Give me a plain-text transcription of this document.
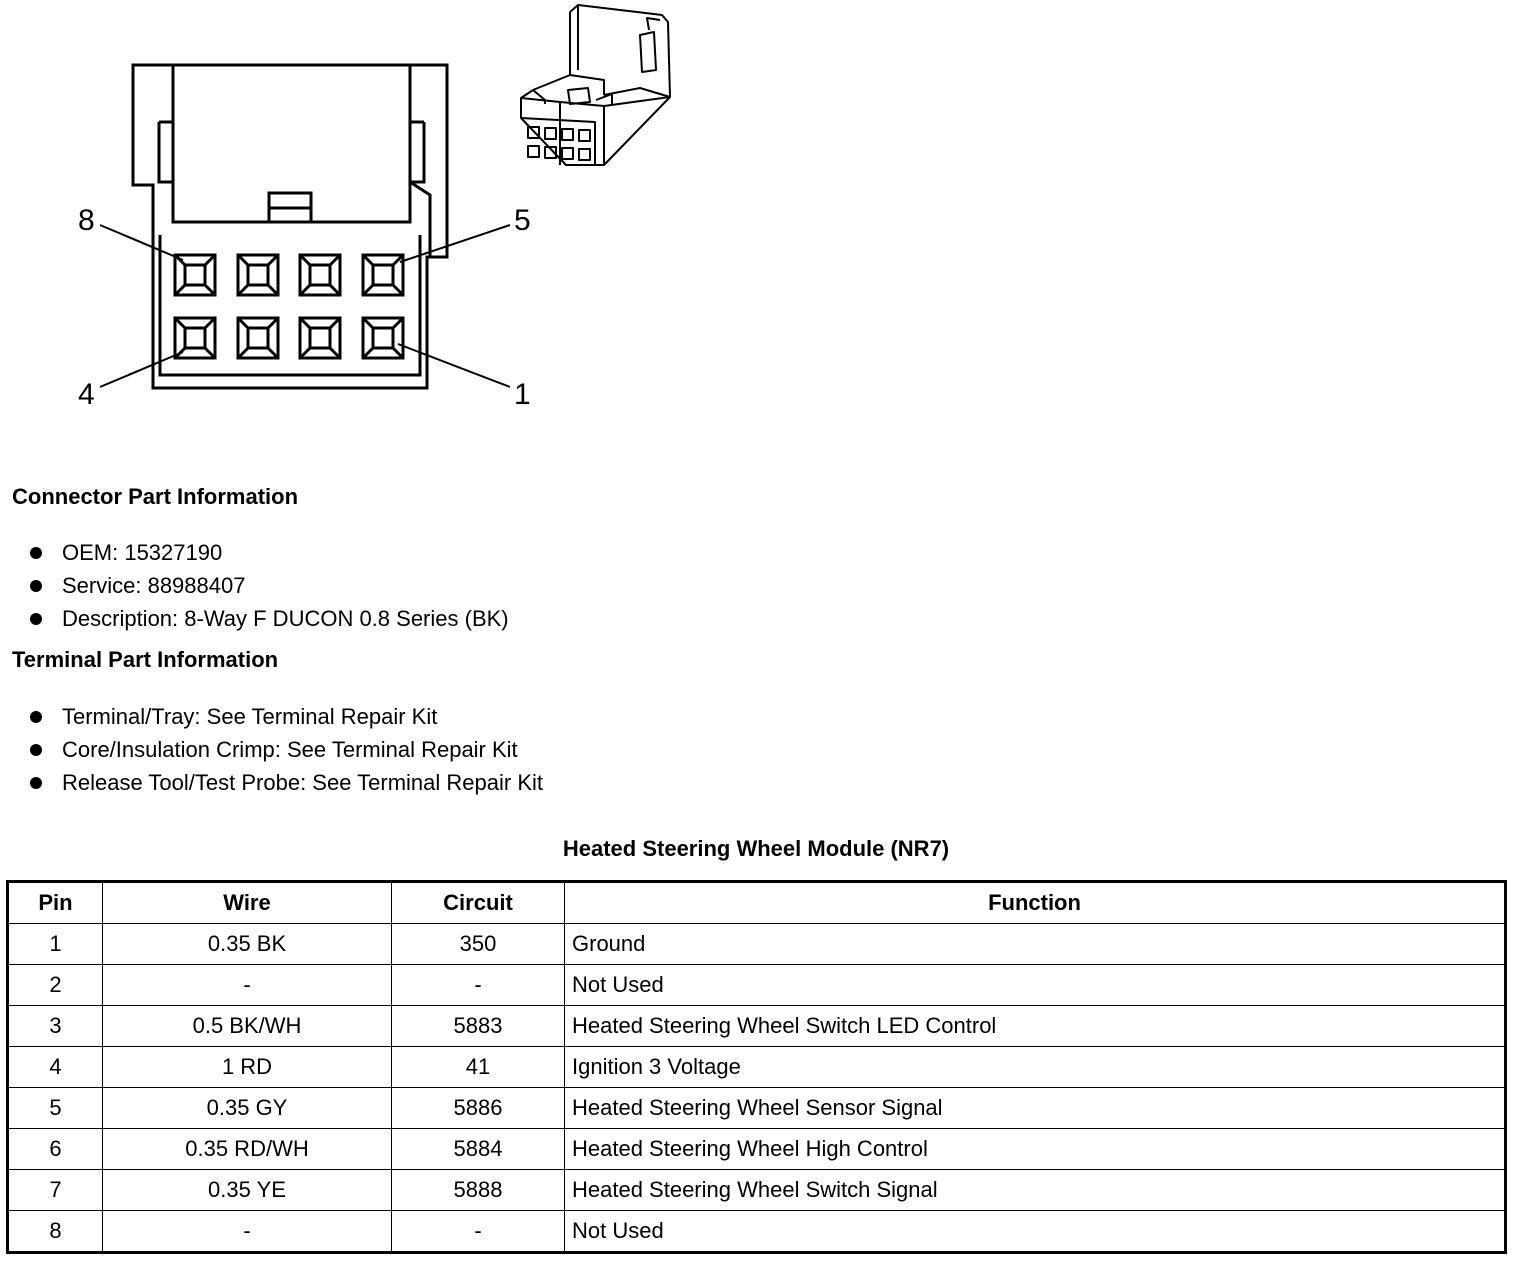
8	5
4	1
Connector Part Information
OEM: 15327190
Service: 88988407
Description: 8-Way F DUCON 0.8 Series (BK)
Terminal Part Information
Terminal/Tray: See Terminal Repair Kit
Core/Insulation Crimp: See Terminal Repair Kit
Release Tool/Test Probe: See Terminal Repair Kit
Heated Steering Wheel Module (NR7)
Pin	Wire	Circuit	Function
1	0.35 BK	350	Ground
2	-	-	Not Used
3	0.5 BK/WH	5883	Heated Steering Wheel Switch LED Control
4	1 RD	41	Ignition 3 Voltage
5	0.35 GY	5886	Heated Steering Wheel Sensor Signal
6	0.35 RD/WH	5884	Heated Steering Wheel High Control
7	0.35 YE	5888	Heated Steering Wheel Switch Signal
8	-	-	Not Used
